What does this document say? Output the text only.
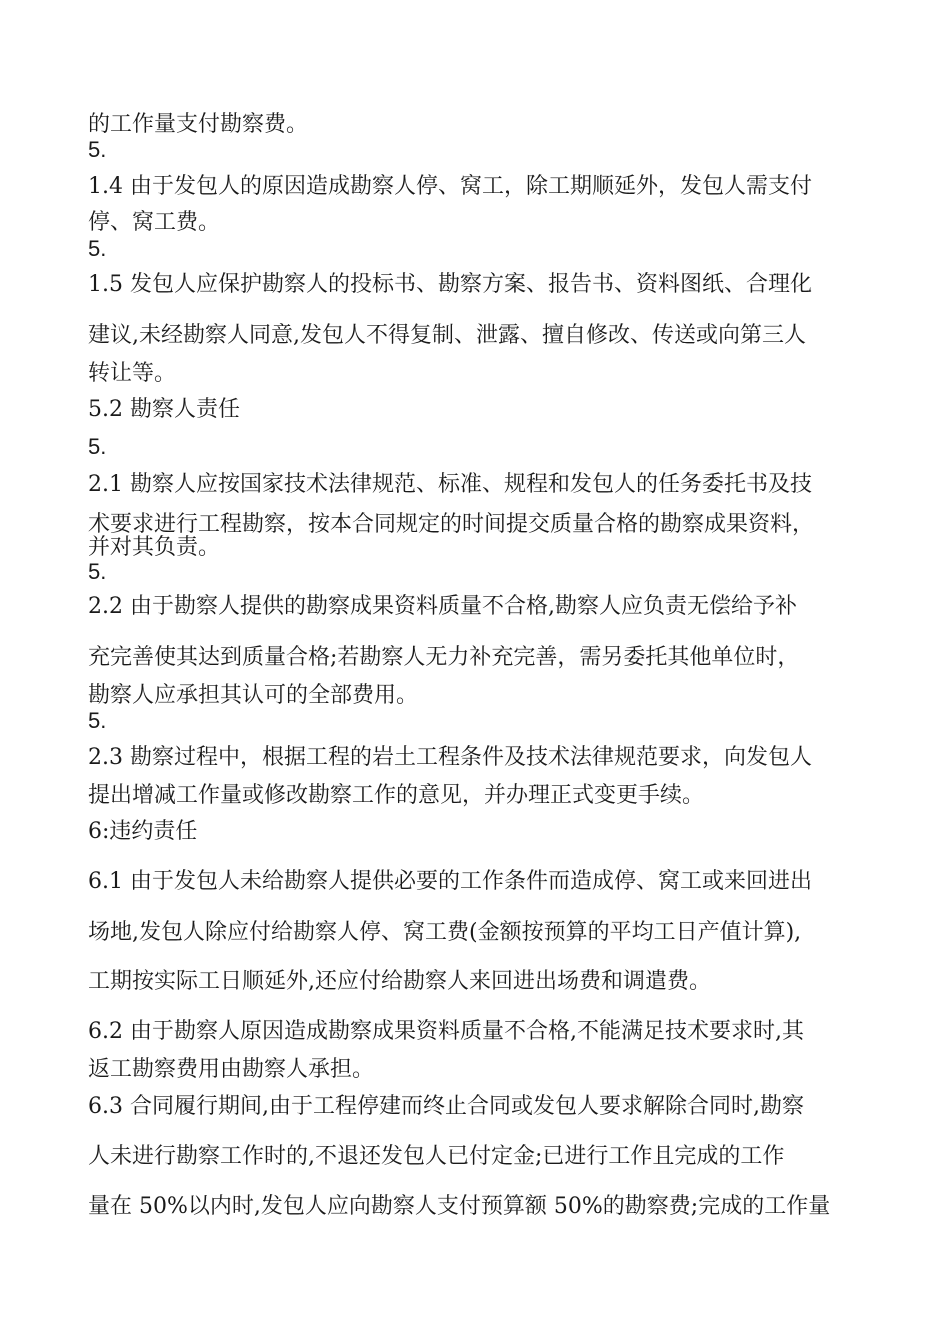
的工作量支付勘察费。
5.
1.4 由于发包人的原因造成勘察人停、窝工，除工期顺延外，发包人需支付
停、窝工费。
5.
1.5 发包人应保护勘察人的投标书、勘察方案、报告书、资料图纸、合理化
建议,未经勘察人同意,发包人不得复制、泄露、擅自修改、传送或向第三人
转让等。
5.2 勘察人责任
5.
2.1 勘察人应按国家技术法律规范、标准、规程和发包人的任务委托书及技
术要求进行工程勘察，按本合同规定的时间提交质量合格的勘察成果资料，
并对其负责。
5.
2.2 由于勘察人提供的勘察成果资料质量不合格,勘察人应负责无偿给予补
充完善使其达到质量合格;若勘察人无力补充完善，需另委托其他单位时，
勘察人应承担其认可的全部费用。
5.
2.3 勘察过程中，根据工程的岩土工程条件及技术法律规范要求，向发包人
提出增减工作量或修改勘察工作的意见，并办理正式变更手续。
6:违约责任
6.1 由于发包人未给勘察人提供必要的工作条件而造成停、窝工或来回进出
场地,发包人除应付给勘察人停、窝工费(金额按预算的平均工日产值计算),
工期按实际工日顺延外,还应付给勘察人来回进出场费和调遣费。
6.2 由于勘察人原因造成勘察成果资料质量不合格,不能满足技术要求时,其
返工勘察费用由勘察人承担。
6.3 合同履行期间,由于工程停建而终止合同或发包人要求解除合同时,勘察
人未进行勘察工作时的,不退还发包人已付定金;已进行工作且完成的工作
量在 50%以内时,发包人应向勘察人支付预算额 50%的勘察费;完成的工作量
